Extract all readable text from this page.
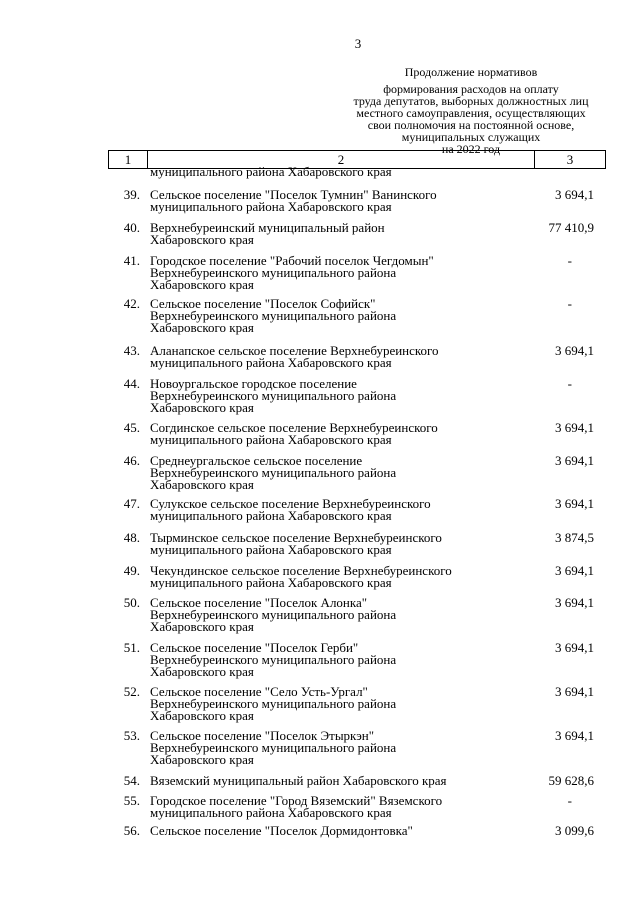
3
Продолжение нормативов
формирования расходов на оплату
труда депутатов, выборных должностных лиц
местного самоуправления, осуществляющих
свои полномочия на постоянной основе,
муниципальных служащих
на 2022 год
1	2	3
муниципального района Хабаровского края
39. Сельское поселение "Поселок Тумнин" Ванинского
муниципального района Хабаровского края
3 694,1
40. Верхнебуреинский муниципальный район
Хабаровского края
77 410,9
41. Городское поселение "Рабочий поселок Чегдомын"
Верхнебуреинского муниципального района
Хабаровского края
-
42. Сельское поселение "Поселок Софийск"
Верхнебуреинского муниципального района
Хабаровского края
-
43. Аланапское сельское поселение Верхнебуреинского
муниципального района Хабаровского края
3 694,1
44. Новоургальское городское поселение
Верхнебуреинского муниципального района
Хабаровского края
-
45. Согдинское сельское поселение Верхнебуреинского
муниципального района Хабаровского края
3 694,1
46. Среднеургальское сельское поселение
Верхнебуреинского муниципального района
Хабаровского края
3 694,1
47. Сулукское сельское поселение Верхнебуреинского
муниципального района Хабаровского края
3 694,1
48. Тырминское сельское поселение Верхнебуреинского
муниципального района Хабаровского края
3 874,5
49. Чекундинское сельское поселение Верхнебуреинского
муниципального района Хабаровского края
3 694,1
50. Сельское поселение "Поселок Алонка"
Верхнебуреинского муниципального района
Хабаровского края
3 694,1
51. Сельское поселение "Поселок Герби"
Верхнебуреинского муниципального района
Хабаровского края
3 694,1
52. Сельское поселение "Село Усть-Ургал"
Верхнебуреинского муниципального района
Хабаровского края
3 694,1
53. Сельское поселение "Поселок Этыркэн"
Верхнебуреинского муниципального района
Хабаровского края
3 694,1
54. Вяземский муниципальный район Хабаровского края	59 628,6
55. Городское поселение "Город Вяземский" Вяземского
муниципального района Хабаровского края
-
56. Сельское поселение "Поселок Дормидонтовка"	3 099,6
